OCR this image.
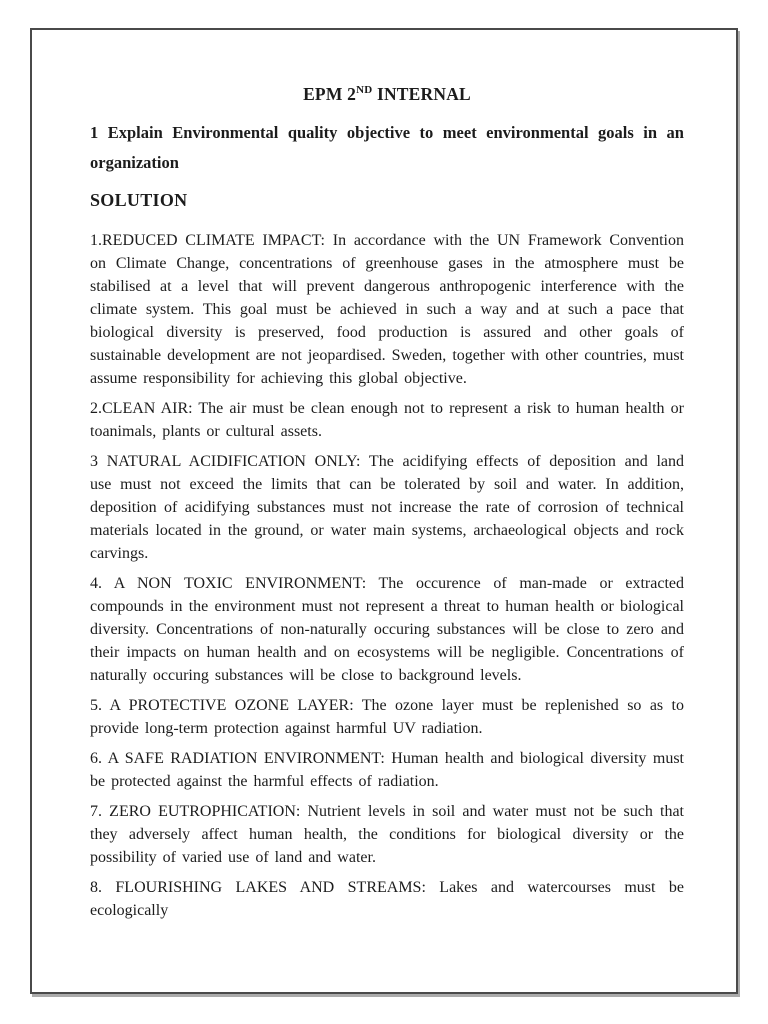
EPM 2ND INTERNAL
1 Explain Environmental quality objective to meet environmental goals in an organization
SOLUTION

1.REDUCED CLIMATE IMPACT: In accordance with the UN Framework Convention on Climate Change, concentrations of greenhouse gases in the atmosphere must be stabilised at a level that will prevent dangerous anthropogenic interference with the climate system. This goal must be achieved in such a way and at such a pace that biological diversity is preserved, food production is assured and other goals of sustainable development are not jeopardised. Sweden, together with other countries, must assume responsibility for achieving this global objective.

2.CLEAN AIR: The air must be clean enough not to represent a risk to human health or toanimals, plants or cultural assets.

3 NATURAL ACIDIFICATION ONLY: The acidifying effects of deposition and land use must not exceed the limits that can be tolerated by soil and water. In addition, deposition of acidifying substances must not increase the rate of corrosion of technical materials located in the ground, or water main systems, archaeological objects and rock carvings.

4. A NON TOXIC ENVIRONMENT: The occurence of man-made or extracted compounds in the environment must not represent a threat to human health or biological diversity. Concentrations of non-naturally occuring substances will be close to zero and their impacts on human health and on ecosystems will be negligible. Concentrations of naturally occuring substances will be close to background levels.

5. A PROTECTIVE OZONE LAYER: The ozone layer must be replenished so as to provide long-term protection against harmful UV radiation.

6. A SAFE RADIATION ENVIRONMENT: Human health and biological diversity must be protected against the harmful effects of radiation.

7. ZERO EUTROPHICATION: Nutrient levels in soil and water must not be such that they adversely affect human health, the conditions for biological diversity or the possibility of varied use of land and water.

8. FLOURISHING LAKES AND STREAMS: Lakes and watercourses must be ecologically
